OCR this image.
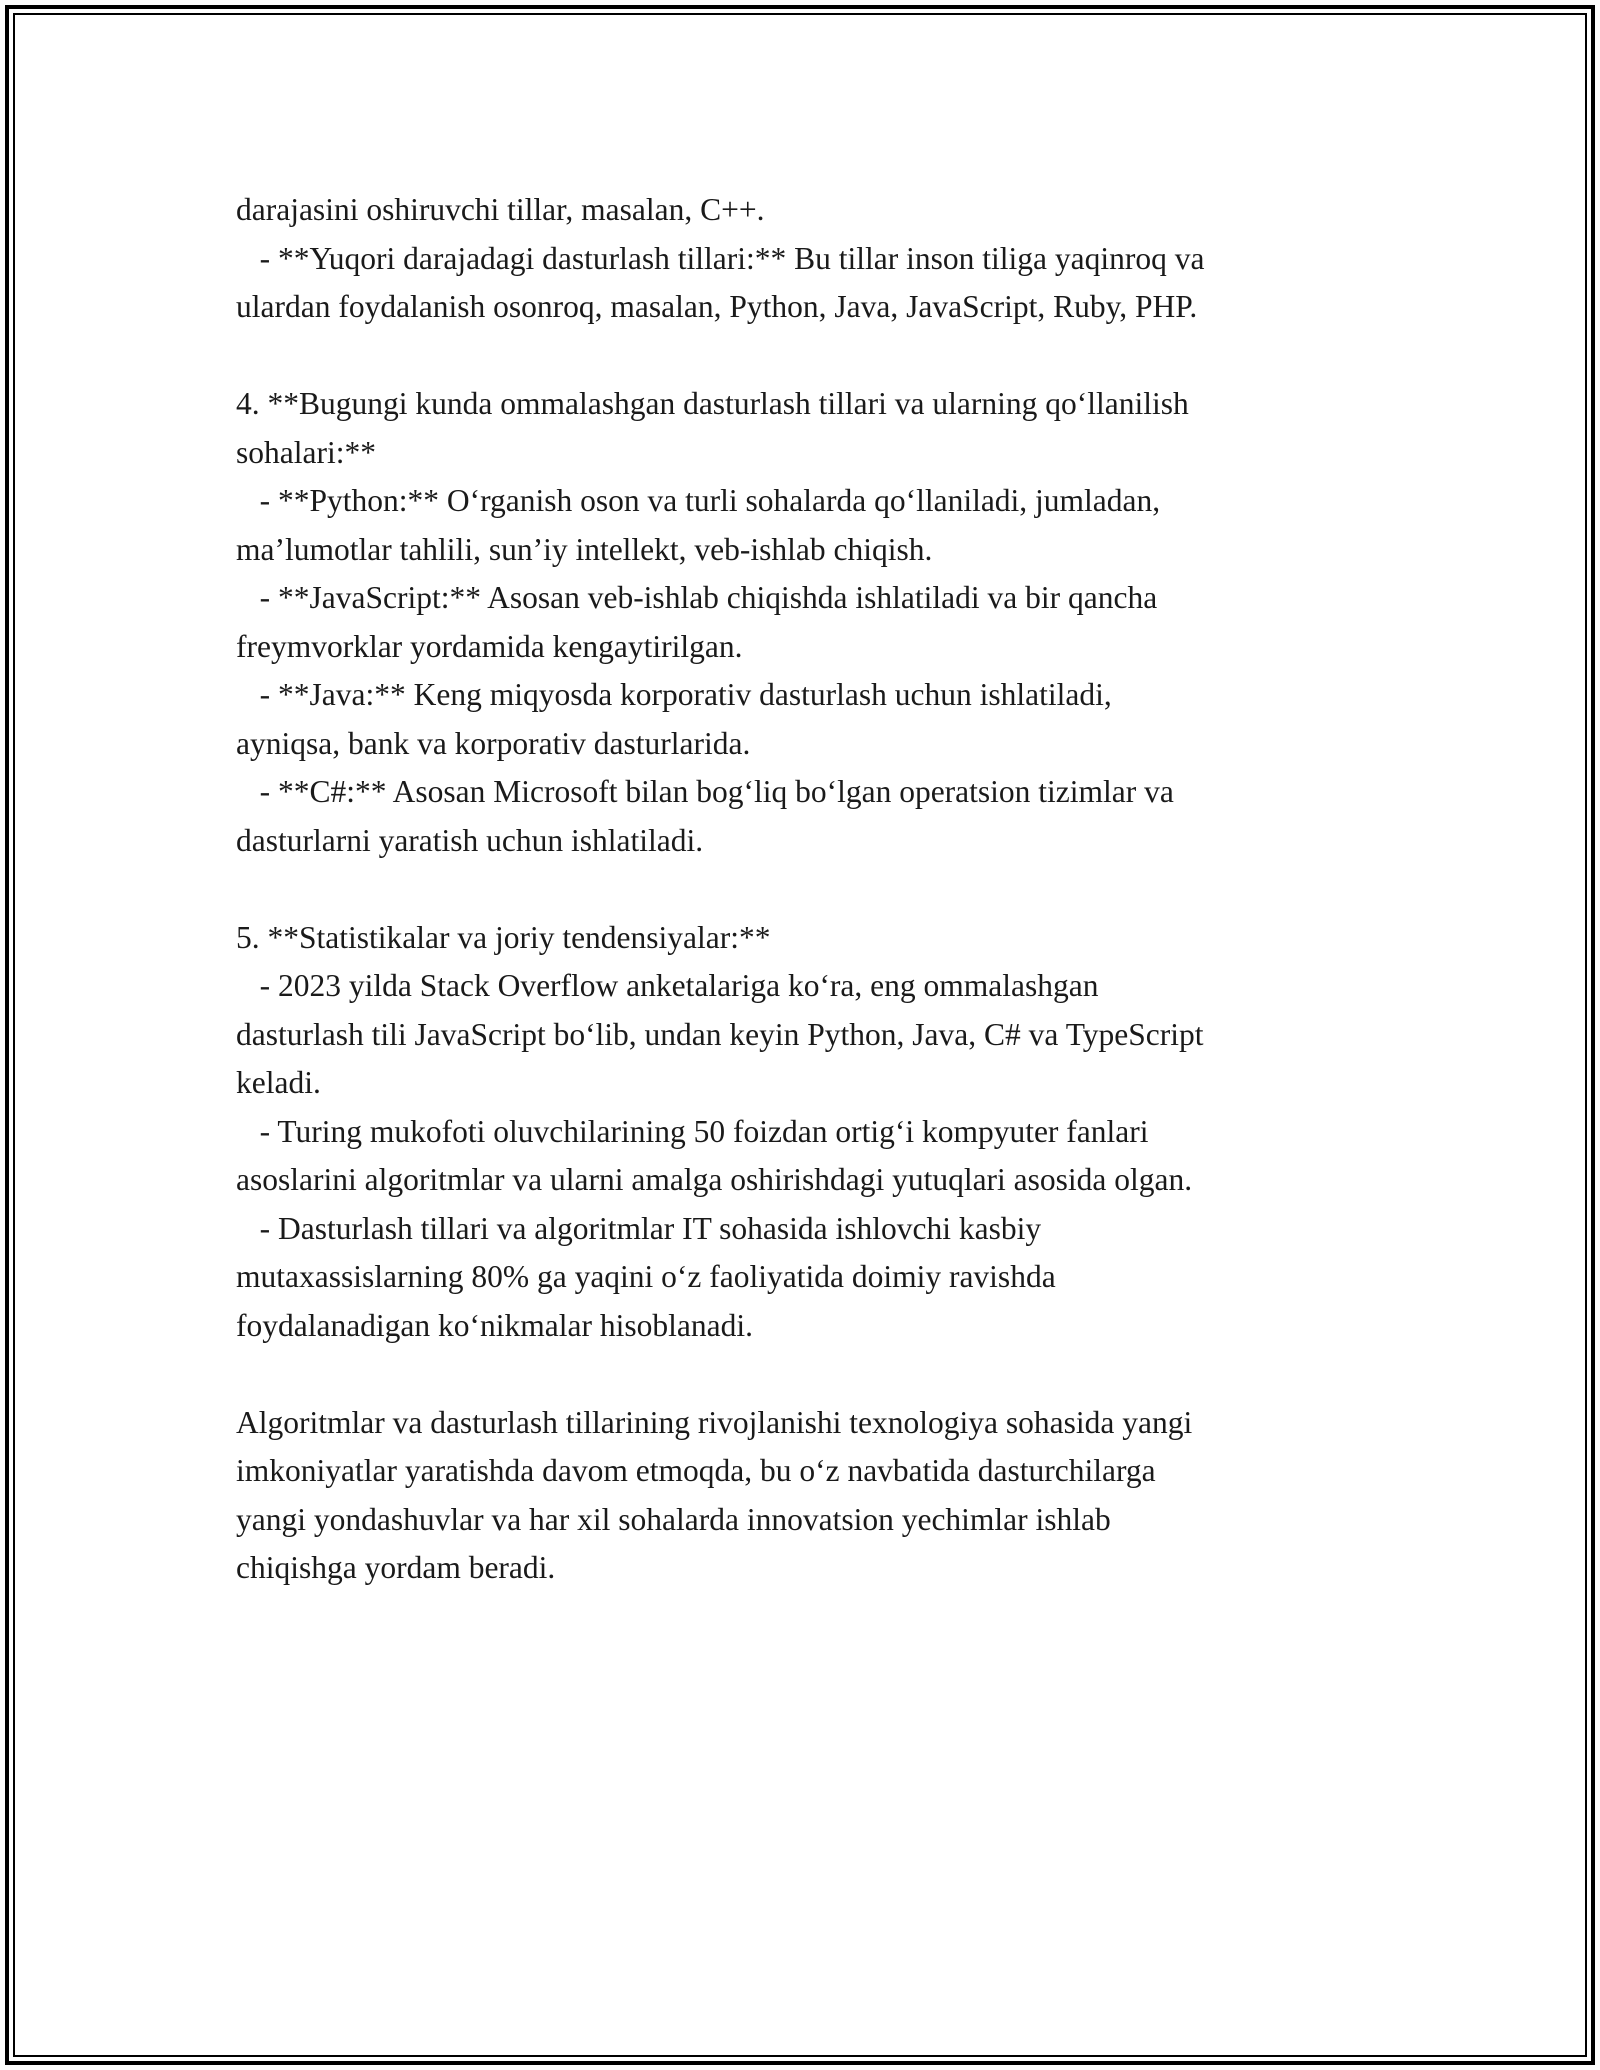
darajasini oshiruvchi tillar, masalan, C++.
- **Yuqori darajadagi dasturlash tillari:** Bu tillar inson tiliga yaqinroq va
ulardan foydalanish osonroq, masalan, Python, Java, JavaScript, Ruby, PHP.
4. **Bugungi kunda ommalashgan dasturlash tillari va ularning qo‘llanilish
sohalari:**
- **Python:** O‘rganish oson va turli sohalarda qo‘llaniladi, jumladan,
ma’lumotlar tahlili, sun’iy intellekt, veb-ishlab chiqish.
- **JavaScript:** Asosan veb-ishlab chiqishda ishlatiladi va bir qancha
freymvorklar yordamida kengaytirilgan.
- **Java:** Keng miqyosda korporativ dasturlash uchun ishlatiladi,
ayniqsa, bank va korporativ dasturlarida.
- **C#:** Asosan Microsoft bilan bog‘liq bo‘lgan operatsion tizimlar va
dasturlarni yaratish uchun ishlatiladi.
5. **Statistikalar va joriy tendensiyalar:**
- 2023 yilda Stack Overflow anketalariga ko‘ra, eng ommalashgan
dasturlash tili JavaScript bo‘lib, undan keyin Python, Java, C# va TypeScript
keladi.
- Turing mukofoti oluvchilarining 50 foizdan ortig‘i kompyuter fanlari
asoslarini algoritmlar va ularni amalga oshirishdagi yutuqlari asosida olgan.
- Dasturlash tillari va algoritmlar IT sohasida ishlovchi kasbiy
mutaxassislarning 80% ga yaqini o‘z faoliyatida doimiy ravishda
foydalanadigan ko‘nikmalar hisoblanadi.
Algoritmlar va dasturlash tillarining rivojlanishi texnologiya sohasida yangi
imkoniyatlar yaratishda davom etmoqda, bu o‘z navbatida dasturchilarga
yangi yondashuvlar va har xil sohalarda innovatsion yechimlar ishlab
chiqishga yordam beradi.
